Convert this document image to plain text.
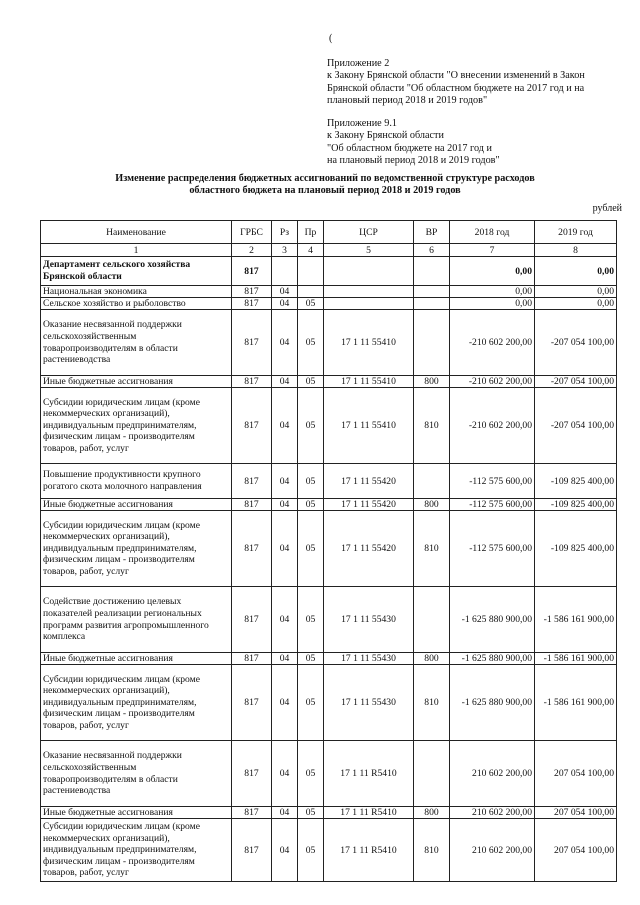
(
Приложение 2
к Закону Брянской области "О внесении изменений в Закон
Брянской области "Об областном бюджете на 2017 год и на
плановый период 2018 и 2019 годов"
Приложение 9.1
к Закону Брянской области
"Об областном бюджете на 2017 год и
на плановый период 2018 и 2019 годов"
Изменение распределения бюджетных ассигнований по ведомственной структуре расходов
областного бюджета на плановый период 2018 и 2019 годов
рублей
Наименование	ГРБС	Рз	Пр	ЦСР	ВР	2018 год	2019 год
1	2	3	4	5	6	7	8
Департамент сельского хозяйства Брянской области	817					0,00	0,00
Национальная экономика	817	04				0,00	0,00
Сельское хозяйство и рыболовство	817	04	05			0,00	0,00
Оказание несвязанной поддержки сельскохозяйственным товаропроизводителям в области растениеводства	817	04	05	17 1 11 55410		-210 602 200,00	-207 054 100,00
Иные бюджетные ассигнования	817	04	05	17 1 11 55410	800	-210 602 200,00	-207 054 100,00
Субсидии юридическим лицам (кроме некоммерческих организаций), индивидуальным предпринимателям, физическим лицам - производителям товаров, работ, услуг	817	04	05	17 1 11 55410	810	-210 602 200,00	-207 054 100,00
Повышение продуктивности крупного рогатого скота молочного направления	817	04	05	17 1 11 55420		-112 575 600,00	-109 825 400,00
Иные бюджетные ассигнования	817	04	05	17 1 11 55420	800	-112 575 600,00	-109 825 400,00
Субсидии юридическим лицам (кроме некоммерческих организаций), индивидуальным предпринимателям, физическим лицам - производителям товаров, работ, услуг	817	04	05	17 1 11 55420	810	-112 575 600,00	-109 825 400,00
Содействие достижению целевых показателей реализации региональных программ развития агропромышленного комплекса	817	04	05	17 1 11 55430		-1 625 880 900,00	-1 586 161 900,00
Иные бюджетные ассигнования	817	04	05	17 1 11 55430	800	-1 625 880 900,00	-1 586 161 900,00
Субсидии юридическим лицам (кроме некоммерческих организаций), индивидуальным предпринимателям, физическим лицам - производителям товаров, работ, услуг	817	04	05	17 1 11 55430	810	-1 625 880 900,00	-1 586 161 900,00
Оказание несвязанной поддержки сельскохозяйственным товаропроизводителям в области растениеводства	817	04	05	17 1 11 R5410		210 602 200,00	207 054 100,00
Иные бюджетные ассигнования	817	04	05	17 1 11 R5410	800	210 602 200,00	207 054 100,00
Субсидии юридическим лицам (кроме некоммерческих организаций), индивидуальным предпринимателям, физическим лицам - производителям товаров, работ, услуг	817	04	05	17 1 11 R5410	810	210 602 200,00	207 054 100,00
